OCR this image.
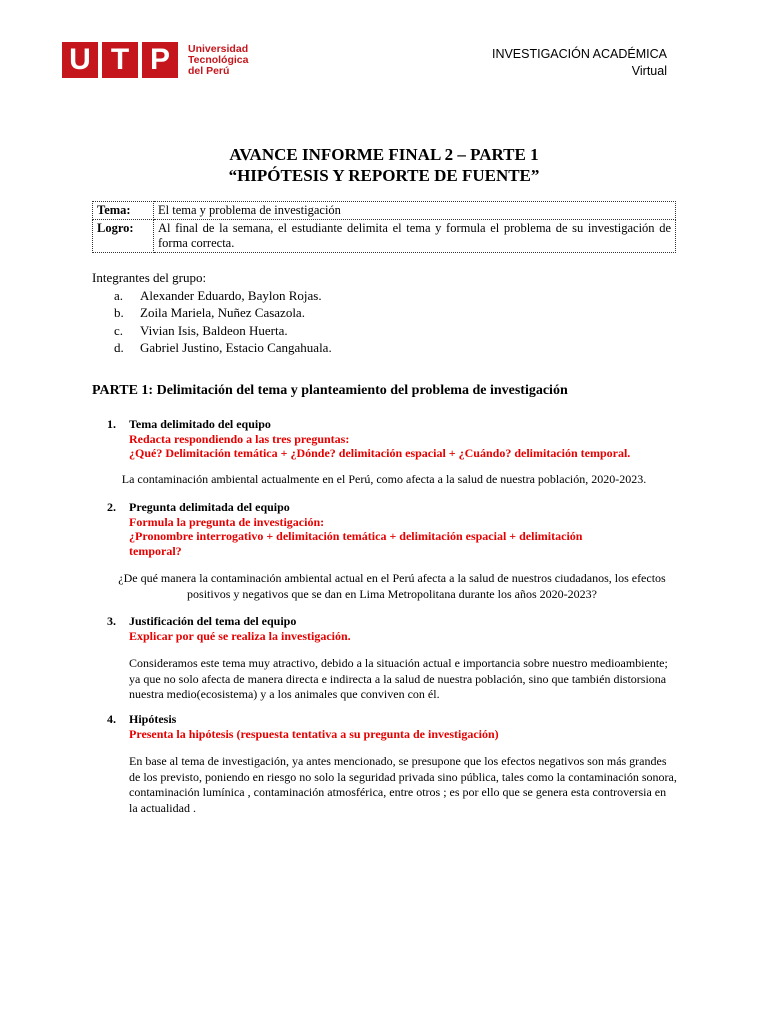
U T P	Universidad
Tecnológica
del Perú
INVESTIGACIÓN ACADÉMICA
Virtual
AVANCE INFORME FINAL 2 – PARTE 1
“HIPÓTESIS Y REPORTE DE FUENTE”
Tema:	El tema y problema de investigación
Logro:	Al final de la semana, el estudiante delimita el tema y formula el problema de su investigación de forma correcta.
Integrantes del grupo:
a. Alexander Eduardo, Baylon Rojas.
b. Zoila Mariela, Nuñez Casazola.
c. Vivian Isis, Baldeon Huerta.
d. Gabriel Justino, Estacio Cangahuala.
PARTE 1: Delimitación del tema y planteamiento del problema de investigación
1. Tema delimitado del equipo
Redacta respondiendo a las tres preguntas:
¿Qué? Delimitación temática + ¿Dónde? delimitación espacial + ¿Cuándo? delimitación temporal.
La contaminación ambiental actualmente en el Perú, como afecta a la salud de nuestra población, 2020-2023.
2. Pregunta delimitada del equipo
Formula la pregunta de investigación:
¿Pronombre interrogativo + delimitación temática + delimitación espacial + delimitación temporal?
¿De qué manera la contaminación ambiental actual en el Perú afecta a la salud de nuestros ciudadanos, los efectos positivos y negativos que se dan en Lima Metropolitana durante los años 2020-2023?
3. Justificación del tema del equipo
Explicar por qué se realiza la investigación.
Consideramos este tema muy atractivo, debido a la situación actual e importancia sobre nuestro medioambiente; ya que no solo afecta de manera directa e indirecta a la salud de nuestra población, sino que también distorsiona nuestra medio(ecosistema) y a los animales que conviven con él.
4. Hipótesis
Presenta la hipótesis (respuesta tentativa a su pregunta de investigación)
En base al tema de investigación, ya antes mencionado, se presupone que los efectos negativos son más grandes de los previsto, poniendo en riesgo no solo la seguridad privada sino pública, tales como la contaminación sonora, contaminación lumínica , contaminación atmosférica, entre otros ; es por ello que se genera esta controversia en la actualidad .
